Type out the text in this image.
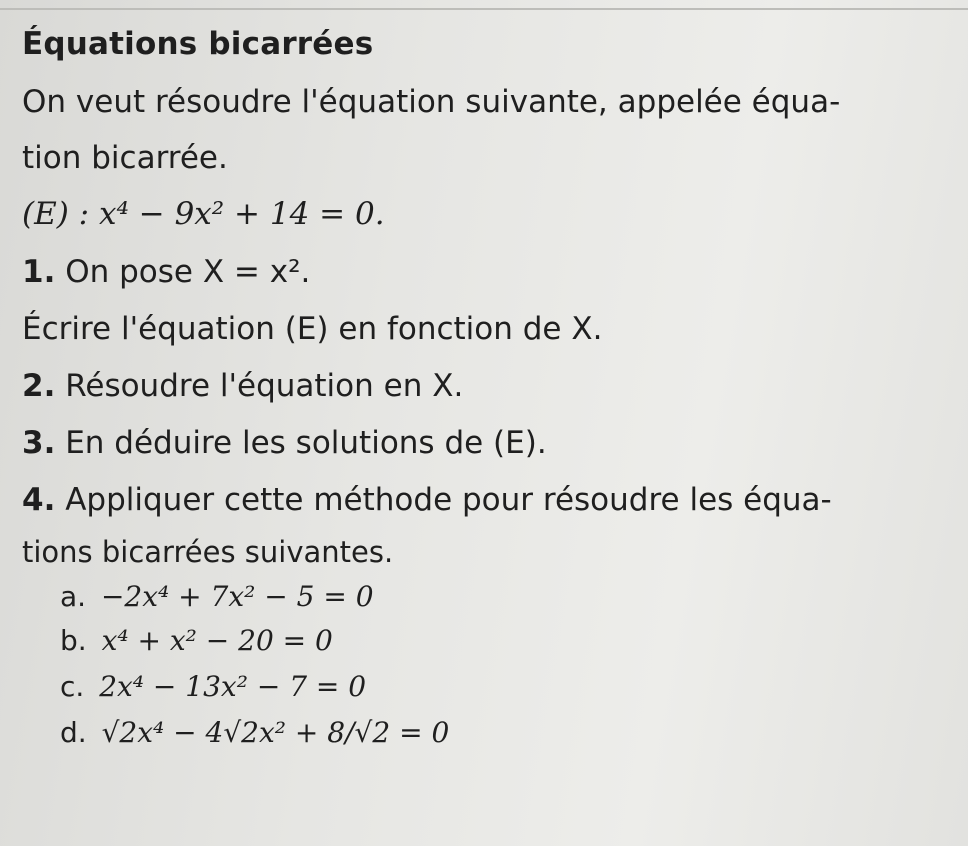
Équations bicarrées
On veut résoudre l'équation suivante, appelée équa-
tion bicarrée.
(E) : x⁴ − 9x² + 14 = 0.
1. On pose X = x².
Écrire l'équation (E) en fonction de X.
2. Résoudre l'équation en X.
3. En déduire les solutions de (E).
4. Appliquer cette méthode pour résoudre les équa-
tions bicarrées suivantes.
a. −2x⁴ + 7x² − 5 = 0
b. x⁴ + x² − 20 = 0
c. 2x⁴ − 13x² − 7 = 0
d. √2x⁴ − 4√2x² + 8/√2 = 0
